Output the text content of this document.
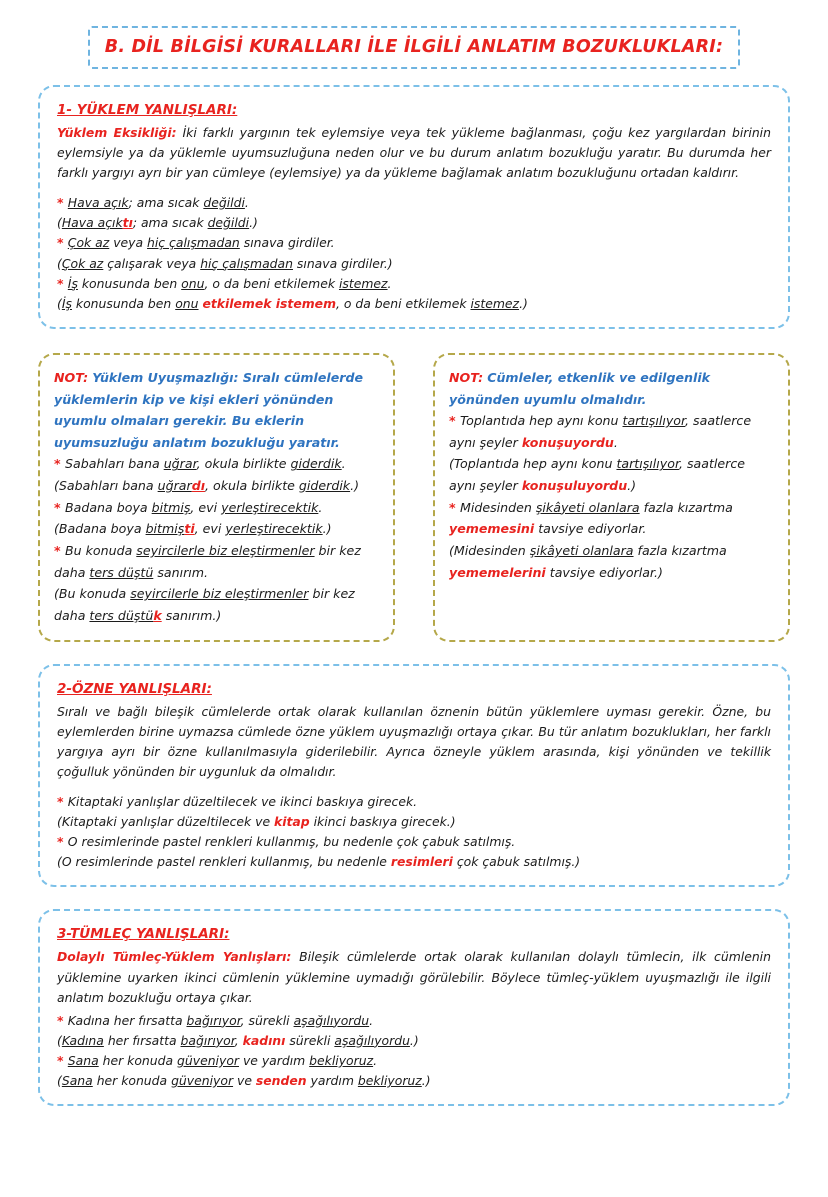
B. DİL BİLGİSİ KURALLARI İLE İLGİLİ ANLATIM BOZUKLUKLARI:
1- YÜKLEM YANLIŞLARI:

Yüklem Eksikliği: İki farklı yargının tek eylemsiye veya tek yükleme bağlanması, çoğu kez yargılardan birinin eylemsiyle ya da yüklemle uyumsuzluğuna neden olur ve bu durum anlatım bozukluğu yaratır. Bu durumda her farklı yargıyı ayrı bir yan cümleye (eylemsiye) ya da yükleme bağlamak anlatım bozukluğunu ortadan kaldırır.

* Hava açık; ama sıcak değildi.

(Hava açıktı; ama sıcak değildi.)

* Çok az veya hiç çalışmadan sınava girdiler.

(Çok az çalışarak veya hiç çalışmadan sınava girdiler.)

* İş konusunda ben onu, o da beni etkilemek istemez.

(İş konusunda ben onu etkilemek istemem, o da beni etkilemek istemez.)

NOT: Yüklem Uyuşmazlığı: Sıralı cümlelerde yüklemlerin kip ve kişi ekleri yönünden uyumlu olmaları gerekir. Bu eklerin uyumsuzluğu anlatım bozukluğu yaratır.

* Sabahları bana uğrar, okula birlikte giderdik.

(Sabahları bana uğrardı, okula birlikte giderdik.)

* Badana boya bitmiş, evi yerleştirecektik.

(Badana boya bitmişti, evi yerleştirecektik.)

* Bu konuda seyircilerle biz eleştirmenler bir kez daha ters düştü sanırım.

(Bu konuda seyircilerle biz eleştirmenler bir kez daha ters düştük sanırım.)

NOT: Cümleler, etkenlik ve edilgenlik yönünden uyumlu olmalıdır.

* Toplantıda hep aynı konu tartışılıyor, saatlerce aynı şeyler konuşuyordu.

(Toplantıda hep aynı konu tartışılıyor, saatlerce aynı şeyler konuşuluyordu.)

* Midesinden şikâyeti olanlara fazla kızartma yememesini tavsiye ediyorlar.

(Midesinden şikâyeti olanlara fazla kızartma yememelerini tavsiye ediyorlar.)

2-ÖZNE YANLIŞLARI:

Sıralı ve bağlı bileşik cümlelerde ortak olarak kullanılan öznenin bütün yüklemlere uyması gerekir. Özne, bu eylemlerden birine uymazsa cümlede özne yüklem uyuşmazlığı ortaya çıkar. Bu tür anlatım bozuklukları, her farklı yargıya ayrı bir özne kullanılmasıyla giderilebilir. Ayrıca özneyle yüklem arasında, kişi yönünden ve tekillik çoğulluk yönünden bir uygunluk da olmalıdır.

* Kitaptaki yanlışlar düzeltilecek ve ikinci baskıya girecek.

(Kitaptaki yanlışlar düzeltilecek ve kitap ikinci baskıya girecek.)

* O resimlerinde pastel renkleri kullanmış, bu nedenle çok çabuk satılmış.

(O resimlerinde pastel renkleri kullanmış, bu nedenle resimleri çok çabuk satılmış.)

3-TÜMLEÇ YANLIŞLARI:

Dolaylı Tümleç-Yüklem Yanlışları: Bileşik cümlelerde ortak olarak kullanılan dolaylı tümlecin, ilk cümlenin yüklemine uyarken ikinci cümlenin yüklemine uymadığı görülebilir. Böylece tümleç-yüklem uyuşmazlığı ile ilgili anlatım bozukluğu ortaya çıkar.

* Kadına her fırsatta bağırıyor, sürekli aşağılıyordu.

(Kadına her fırsatta bağırıyor, kadını sürekli aşağılıyordu.)

* Sana her konuda güveniyor ve yardım bekliyoruz.

(Sana her konuda güveniyor ve senden yardım bekliyoruz.)
